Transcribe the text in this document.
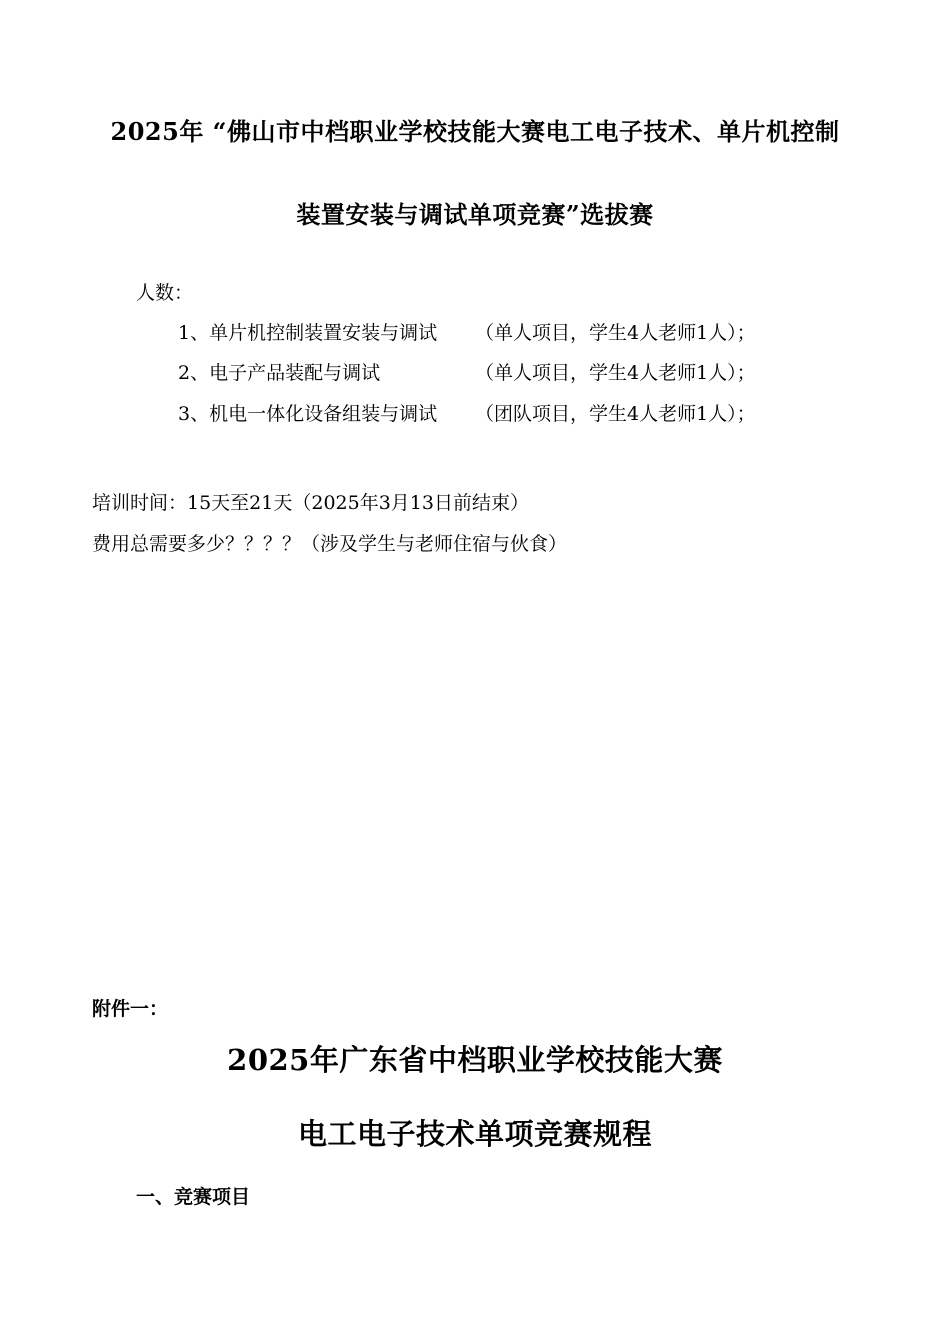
2025年 “佛山市中档职业学校技能大赛电工电子技术、单片机控制
装置安装与调试单项竞赛”选拔赛

人数：

1、单片机控制装置安装与调试 （单人项目，学生4人老师1人）；
2、电子产品装配与调试	（单人项目，学生4人老师1人）；
3、机电一体化设备组装与调试 （团队项目，学生4人老师1人）；

培训时间：15天至21天（2025年3月13日前结束）

费用总需要多少？？？？（涉及学生与老师住宿与伙食）

附件一：

2025年广东省中档职业学校技能大赛
电工电子技术单项竞赛规程

一、竞赛项目
